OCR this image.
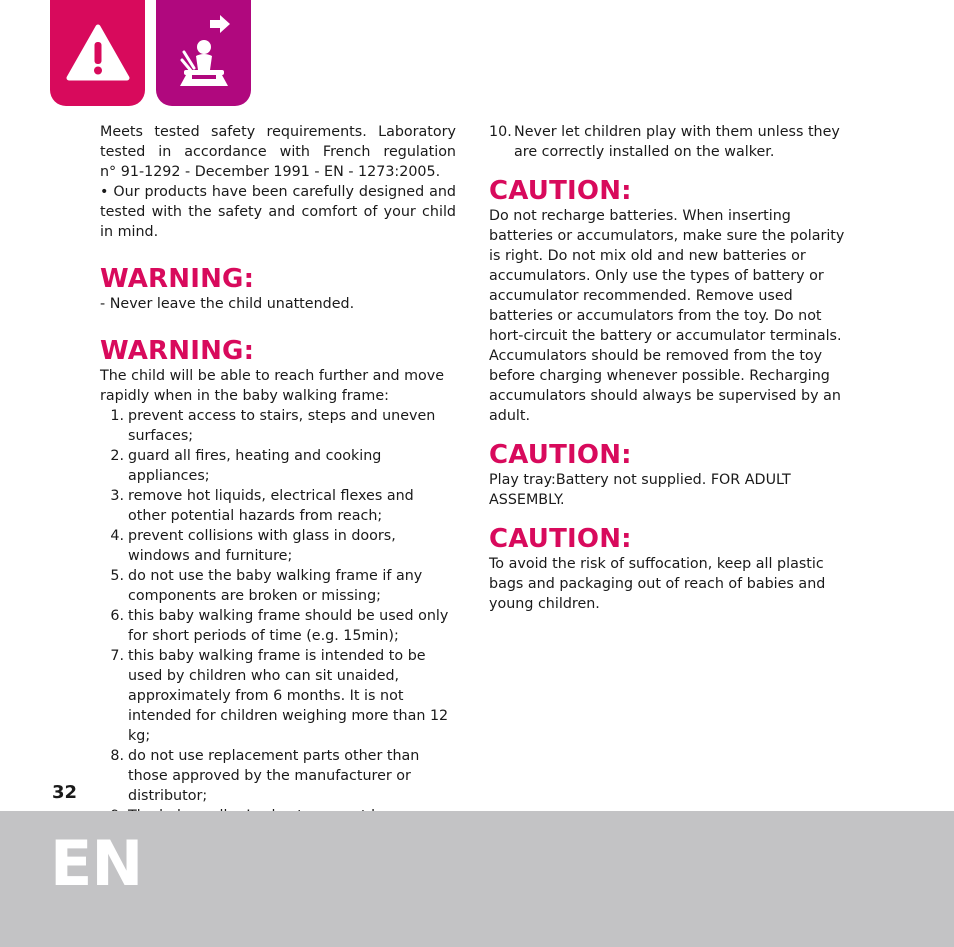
Meets tested safety requirements. Laboratory tested in accordance with French regulation

n° 91-1292 - December 1991 - EN - 1273:2005.

• Our products have been carefully designed and tested with the safety and comfort of your child in mind.

WARNING:

- Never leave the child unattended.

WARNING:

The child will be able to reach further and move rapidly when in the baby walking frame:

1. prevent access to stairs, steps and uneven surfaces;
2. guard all fires, heating and cooking appliances;
3. remove hot liquids, electrical flexes and other potential hazards from reach;
4. prevent collisions with glass in doors, windows and furniture;
5. do not use the baby walking frame if any components are broken or missing;
6. this baby walking frame should be used only for short periods of time (e.g. 15min);
7. this baby walking frame is intended to be used by children who can sit unaided, approximately from 6 months. It is not intended for children weighing more than 12 kg;
8. do not use replacement parts other than those approved by the manufacturer or distributor;
10. Never let children play with them unless they are correctly installed on the walker.
CAUTION:

Do not recharge batteries. When inserting batteries or accumulators, make sure the polarity is right. Do not mix old and new batteries or accumulators. Only use the types of battery or accumulator recommended. Remove used batteries or accumulators from the toy. Do not hort-circuit the battery or accumulator terminals. Accumulators should be removed from the toy before charging whenever possible. Recharging accumulators should always be supervised by an adult.

CAUTION:

Play tray:Battery not supplied. FOR ADULT ASSEMBLY.

CAUTION:

To avoid the risk of suffocation, keep all plastic bags and packaging out of reach of babies and young children.

32
EN
